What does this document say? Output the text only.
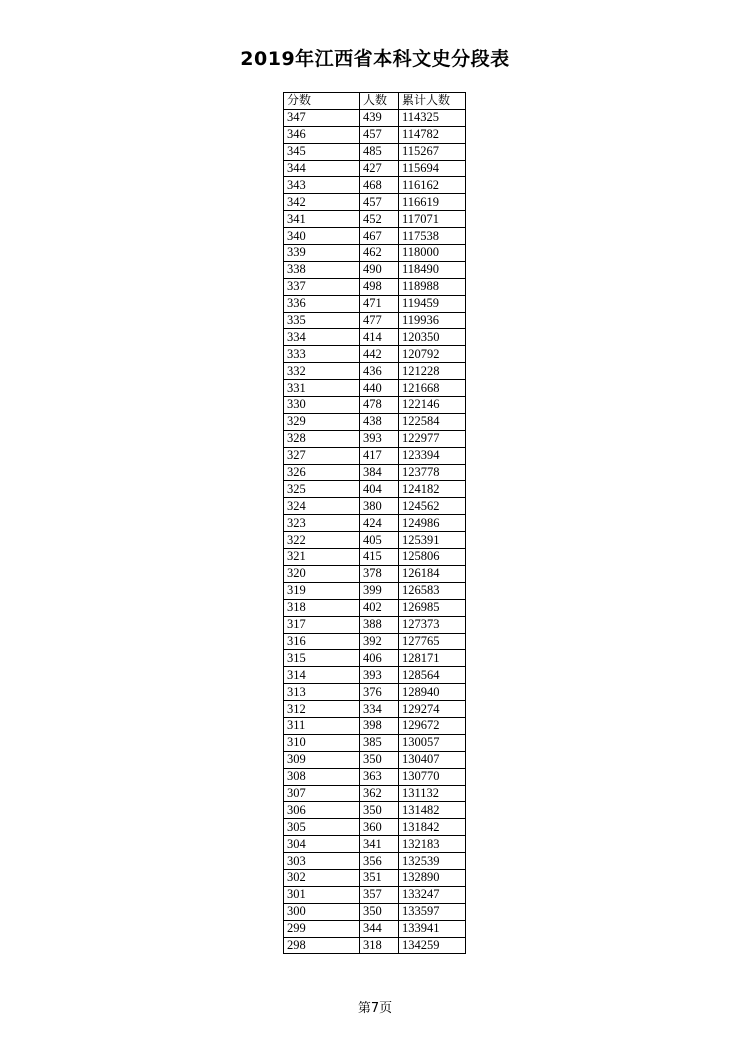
2019年江西省本科文史分段表
分数	人数	累计人数
347	439	114325
346	457	114782
345	485	115267
344	427	115694
343	468	116162
342	457	116619
341	452	117071
340	467	117538
339	462	118000
338	490	118490
337	498	118988
336	471	119459
335	477	119936
334	414	120350
333	442	120792
332	436	121228
331	440	121668
330	478	122146
329	438	122584
328	393	122977
327	417	123394
326	384	123778
325	404	124182
324	380	124562
323	424	124986
322	405	125391
321	415	125806
320	378	126184
319	399	126583
318	402	126985
317	388	127373
316	392	127765
315	406	128171
314	393	128564
313	376	128940
312	334	129274
311	398	129672
310	385	130057
309	350	130407
308	363	130770
307	362	131132
306	350	131482
305	360	131842
304	341	132183
303	356	132539
302	351	132890
301	357	133247
300	350	133597
299	344	133941
298	318	134259
第7页
